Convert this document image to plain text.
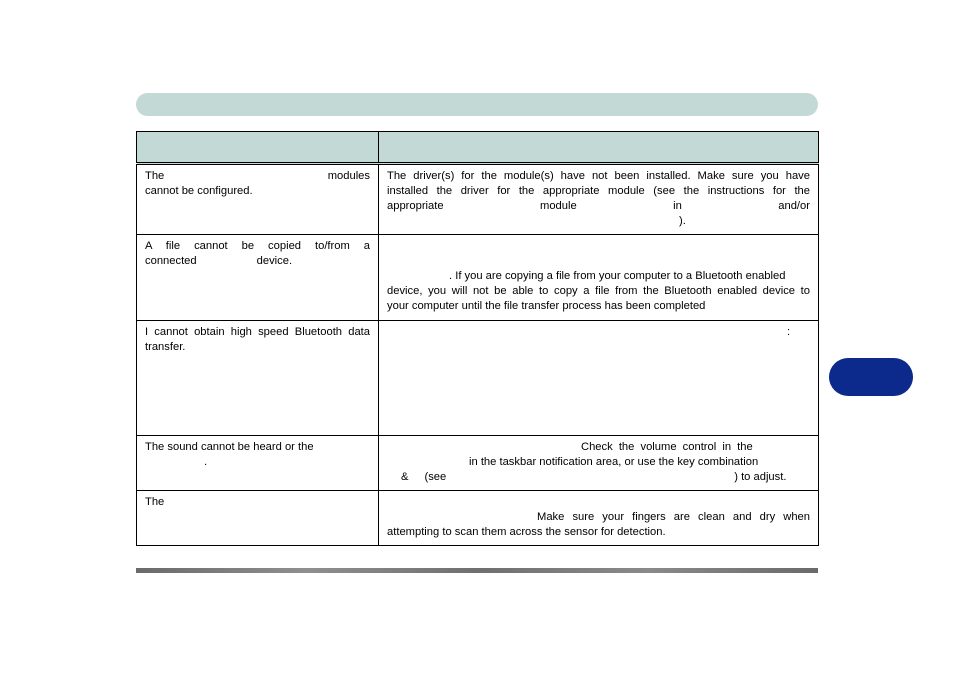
The modules
cannot be configured.	The driver(s) for the module(s) have not been installed. Make sure you have
installed the driver for the appropriate module (see the instructions for the
appropriate module in and/or
).

A file cannot be copied to/from a
connected device.	. If you are copying a file from your computer to a Bluetooth enabled
device, you will not be able to copy a file from the Bluetooth enabled device to
your computer until the file transfer process has been completed

I cannot obtain high speed Bluetooth data
transfer.	:

The sound cannot be heard or the
.	Check the volume control in the
in the taskbar notification area, or use the key combination
& (see ) to adjust.

The	Make sure your fingers are clean and dry when
attempting to scan them across the sensor for detection.
